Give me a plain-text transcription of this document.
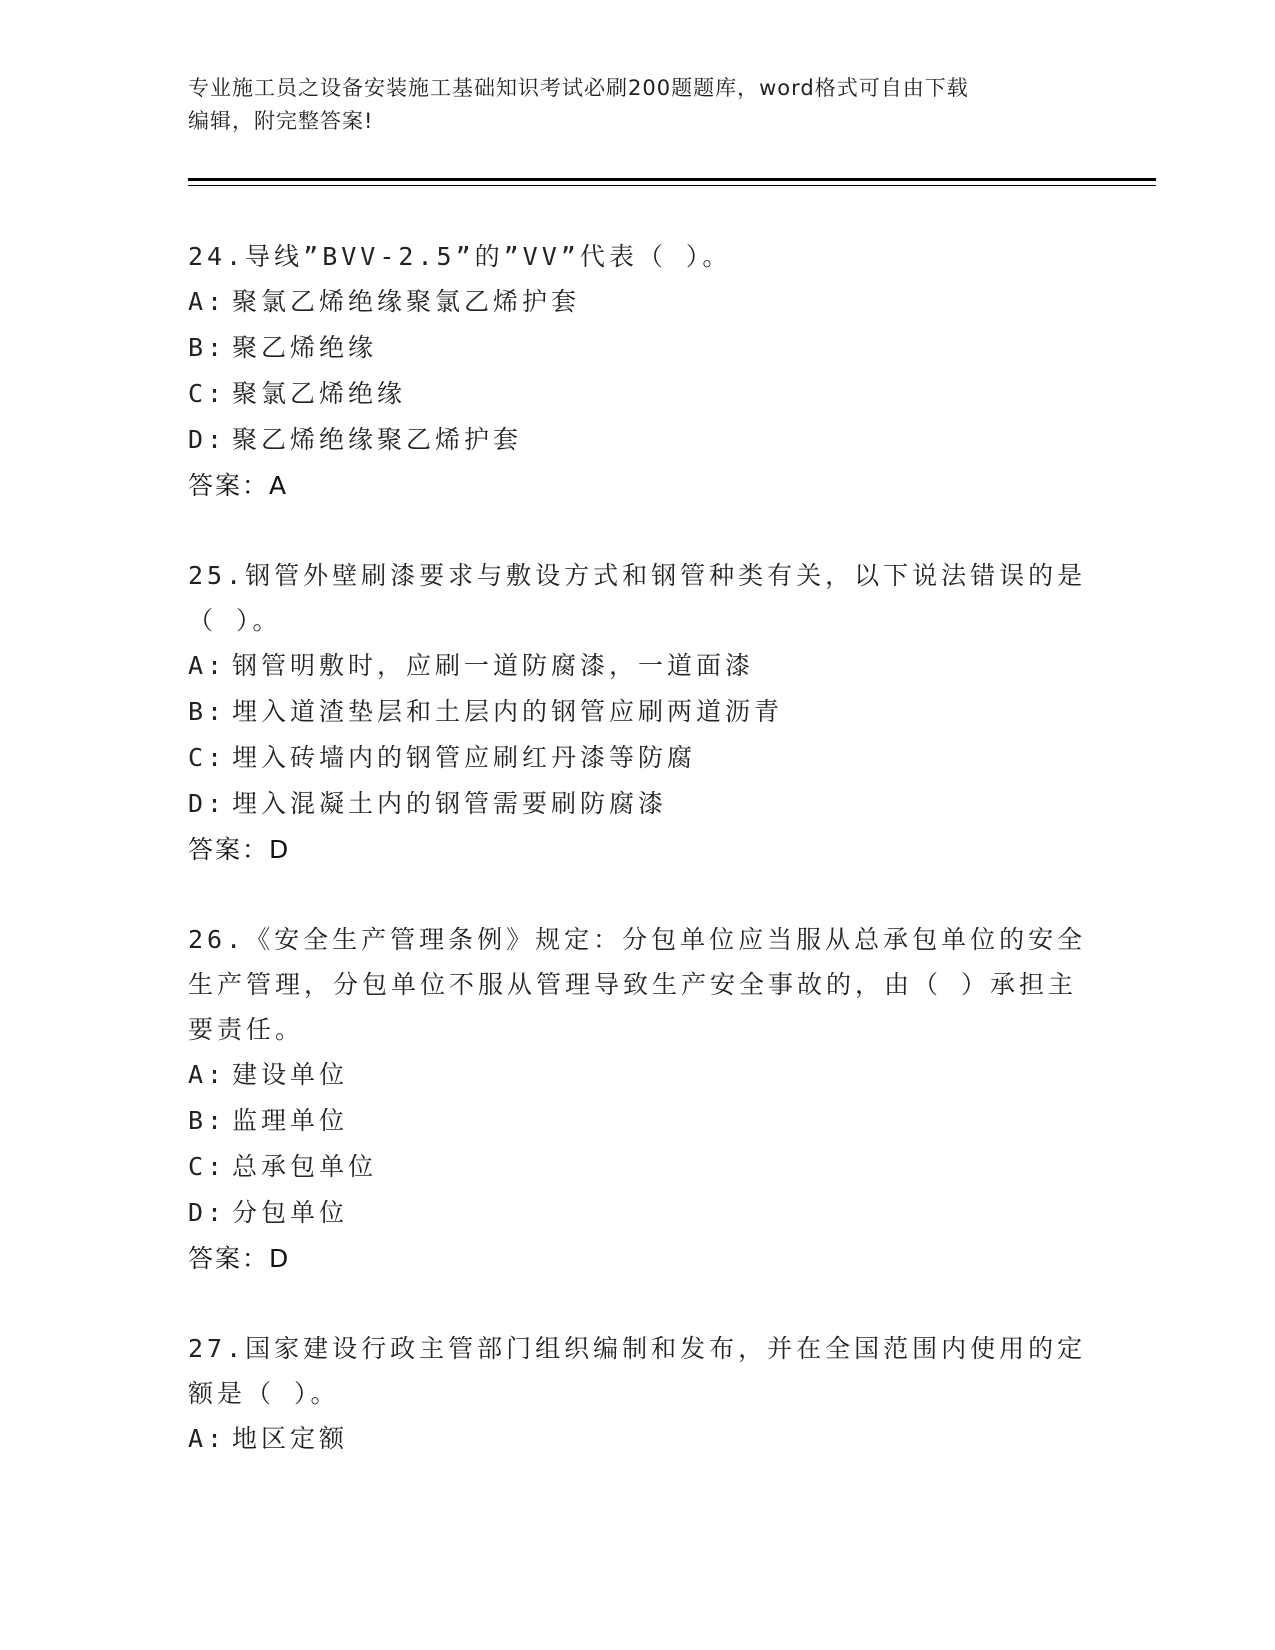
专业施工员之设备安装施工基础知识考试必刷200题题库，word格式可自由下载
编辑，附完整答案!

24.导线”BVV-2.5”的”VV”代表（ ）。

A: 聚氯乙烯绝缘聚氯乙烯护套

B: 聚乙烯绝缘

C: 聚氯乙烯绝缘

D: 聚乙烯绝缘聚乙烯护套

答案：A

25.钢管外壁刷漆要求与敷设方式和钢管种类有关，以下说法错误的是（ ）。

A: 钢管明敷时，应刷一道防腐漆，一道面漆

B: 埋入道渣垫层和土层内的钢管应刷两道沥青

C: 埋入砖墙内的钢管应刷红丹漆等防腐

D: 埋入混凝土内的钢管需要刷防腐漆

答案：D

26.《安全生产管理条例》规定：分包单位应当服从总承包单位的安全生产管理，分包单位不服从管理导致生产安全事故的，由（ ）承担主要责任。

A: 建设单位

B: 监理单位

C: 总承包单位

D: 分包单位

答案：D

27.国家建设行政主管部门组织编制和发布，并在全国范围内使用的定额是（ ）。

A: 地区定额
